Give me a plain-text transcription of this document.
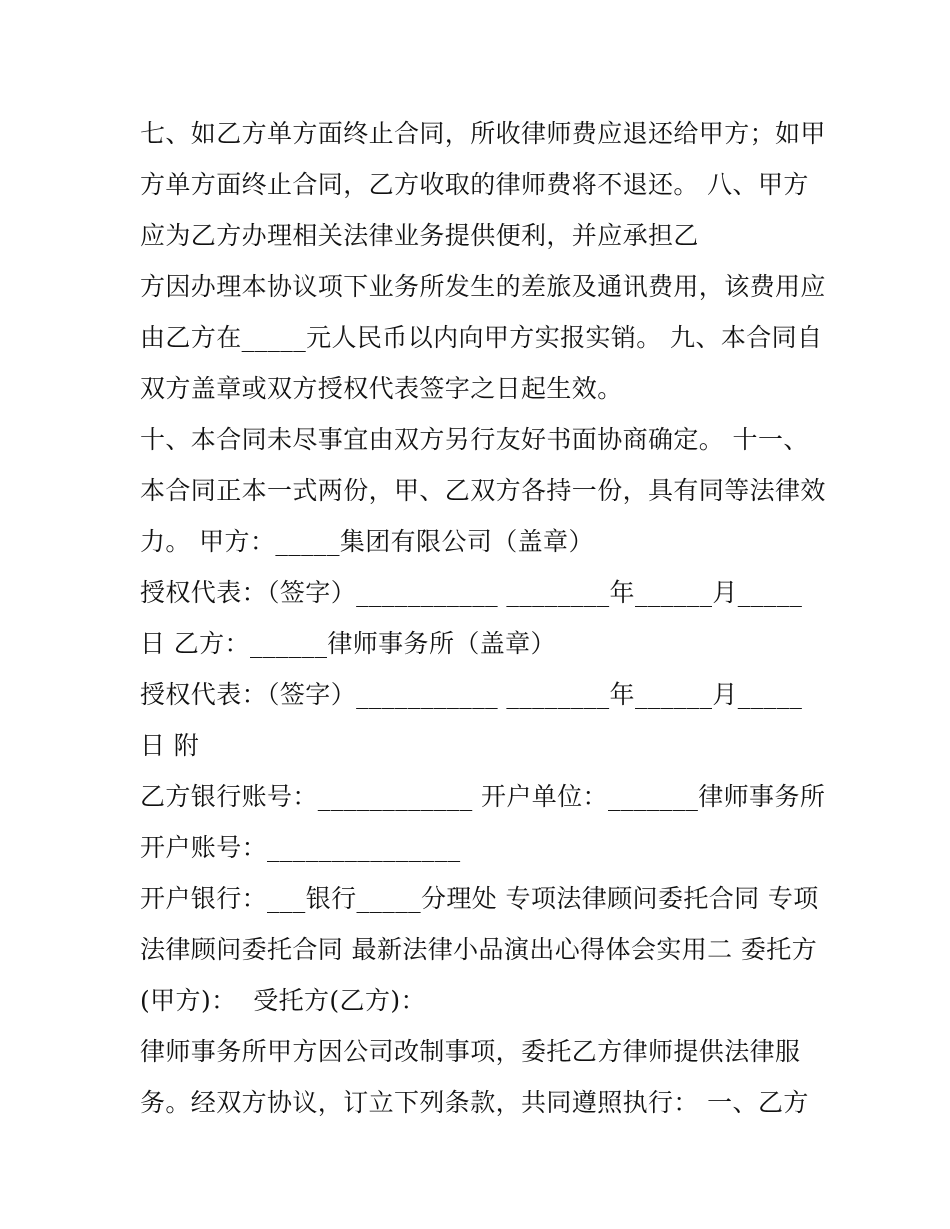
七、如乙方单方面终止合同，所收律师费应退还给甲方；如甲
方单方面终止合同，乙方收取的律师费将不退还。 八、甲方
应为乙方办理相关法律业务提供便利，并应承担乙
方因办理本协议项下业务所发生的差旅及通讯费用，该费用应
由乙方在_____元人民币以内向甲方实报实销。 九、本合同自
双方盖章或双方授权代表签字之日起生效。
十、本合同未尽事宜由双方另行友好书面协商确定。 十一、
本合同正本一式两份，甲、乙双方各持一份，具有同等法律效
力。 甲方：_____集团有限公司（盖章）
授权代表：（签字）___________ ________年______月_____
日 乙方：______律师事务所（盖章）
授权代表：（签字）___________ ________年______月_____
日 附
乙方银行账号：____________ 开户单位：_______律师事务所
开户账号：_______________
开户银行：___银行_____分理处 专项法律顾问委托合同 专项
法律顾问委托合同 最新法律小品演出心得体会实用二 委托方
(甲方)：  受托方(乙方)：
律师事务所甲方因公司改制事项，委托乙方律师提供法律服
务。经双方协议，订立下列条款，共同遵照执行： 一、乙方
